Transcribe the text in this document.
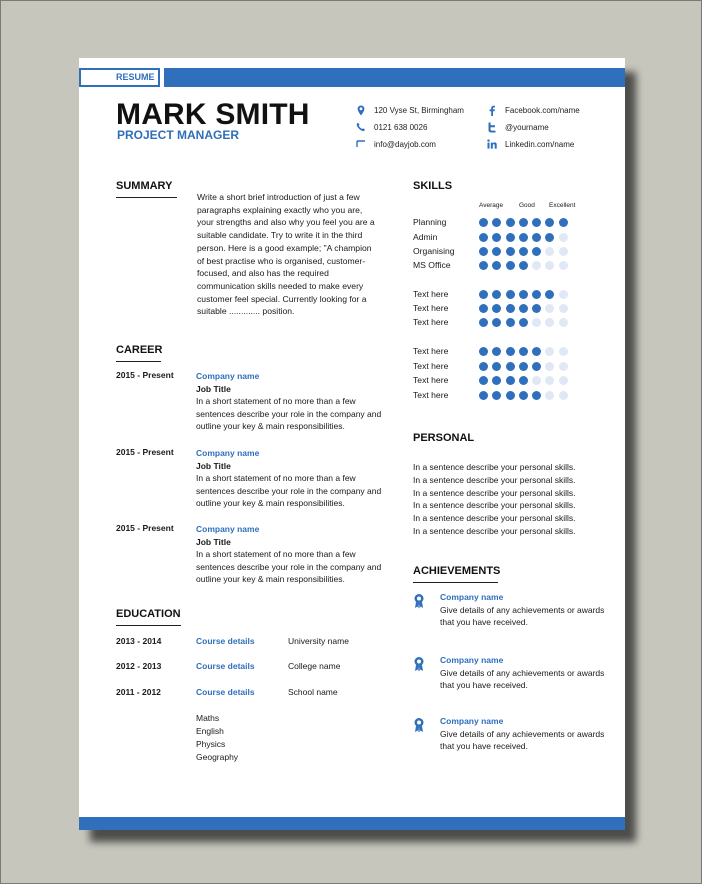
RESUME
MARK SMITH
PROJECT MANAGER
120 Vyse St, Birmingham
0121 638 0026
info@dayjob.com
Facebook.com/name
@yourname
Linkedin.com/name
SUMMARY
Write a short brief introduction of just a few paragraphs explaining exactly who you are, your strengths and also why you feel you are a suitable candidate. Try to write it in the third person. Here is a good example; "A champion of best practise who is organised, customer-focused, and also has the required communication skills needed to make every customer feel special. Currently looking for a suitable ............. position.
CAREER
2015 - Present	Company name
Job Title
In a short statement of no more than a few sentences describe your role in the company and outline your key & main responsibilities.
2015 - Present	Company name
Job Title
In a short statement of no more than a few sentences describe your role in the company and outline your key & main responsibilities.
2015 - Present	Company name
Job Title
In a short statement of no more than a few sentences describe your role in the company and outline your key & main responsibilities.
EDUCATION
2013 - 2014	Course details	University name
2012 - 2013	Course details	College name
2011 - 2012	Course details	School name
Maths
English
Physics
Geography
SKILLS
Average Good Excellent
Planning
Admin
Organising
MS Office
Text here
Text here
Text here
Text here
Text here
Text here
Text here
PERSONAL
In a sentence describe your personal skills.
In a sentence describe your personal skills.
In a sentence describe your personal skills.
In a sentence describe your personal skills.
In a sentence describe your personal skills.
In a sentence describe your personal skills.
ACHIEVEMENTS
Company name
Give details of any achievements or awards that you have received.
Company name
Give details of any achievements or awards that you have received.
Company name
Give details of any achievements or awards that you have received.
